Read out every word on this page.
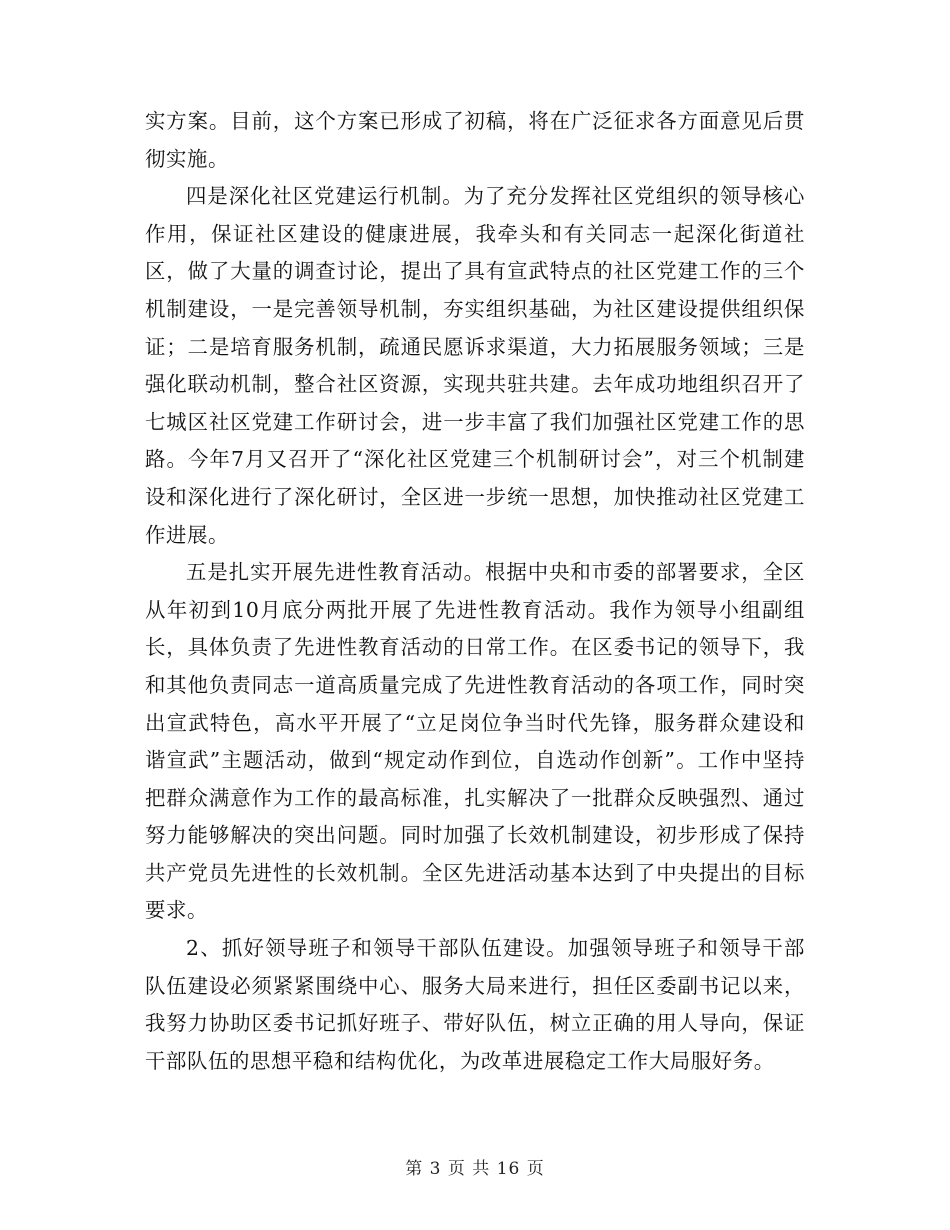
实方案。目前，这个方案已形成了初稿，将在广泛征求各方面意见后贯彻实施。

四是深化社区党建运行机制。为了充分发挥社区党组织的领导核心作用，保证社区建设的健康进展，我牵头和有关同志一起深化街道社区，做了大量的调查讨论，提出了具有宣武特点的社区党建工作的三个机制建设，一是完善领导机制，夯实组织基础，为社区建设提供组织保证；二是培育服务机制，疏通民愿诉求渠道，大力拓展服务领域；三是强化联动机制，整合社区资源，实现共驻共建。去年成功地组织召开了七城区社区党建工作研讨会，进一步丰富了我们加强社区党建工作的思路。今年7月又召开了“深化社区党建三个机制研讨会”，对三个机制建设和深化进行了深化研讨，全区进一步统一思想，加快推动社区党建工作进展。

五是扎实开展先进性教育活动。根据中央和市委的部署要求，全区从年初到10月底分两批开展了先进性教育活动。我作为领导小组副组长，具体负责了先进性教育活动的日常工作。在区委书记的领导下，我和其他负责同志一道高质量完成了先进性教育活动的各项工作，同时突出宣武特色，高水平开展了“立足岗位争当时代先锋，服务群众建设和谐宣武”主题活动，做到“规定动作到位，自选动作创新”。工作中坚持把群众满意作为工作的最高标准，扎实解决了一批群众反映强烈、通过努力能够解决的突出问题。同时加强了长效机制建设，初步形成了保持共产党员先进性的长效机制。全区先进活动基本达到了中央提出的目标要求。

2、抓好领导班子和领导干部队伍建设。加强领导班子和领导干部队伍建设必须紧紧围绕中心、服务大局来进行，担任区委副书记以来，我努力协助区委书记抓好班子、带好队伍，树立正确的用人导向，保证干部队伍的思想平稳和结构优化，为改革进展稳定工作大局服好务。

第 3 页 共 16 页
